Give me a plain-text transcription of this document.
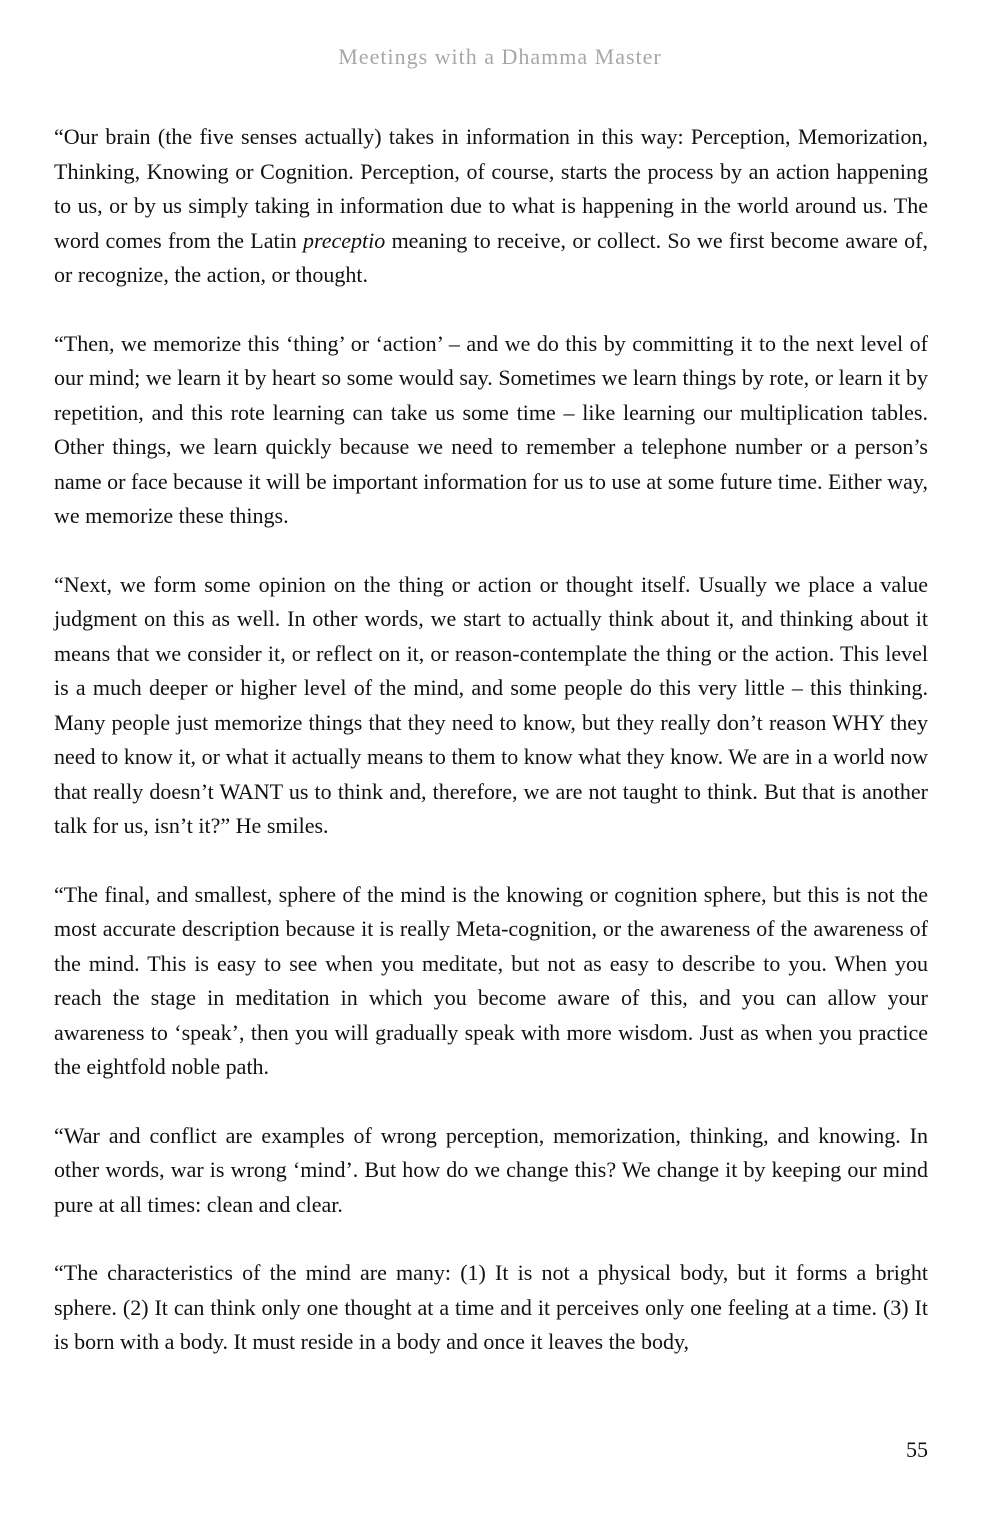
Meetings with a Dhamma Master

“Our brain (the five senses actually) takes in information in this way: Perception, Memorization, Thinking, Knowing or Cognition. Perception, of course, starts the process by an action happening to us, or by us simply taking in information due to what is happening in the world around us. The word comes from the Latin preceptio meaning to receive, or collect. So we first become aware of, or recognize, the action, or thought.

“Then, we memorize this ‘thing’ or ‘action’ – and we do this by committing it to the next level of our mind; we learn it by heart so some would say. Sometimes we learn things by rote, or learn it by repetition, and this rote learning can take us some time – like learning our multiplication tables. Other things, we learn quickly because we need to remember a telephone number or a person’s name or face because it will be important information for us to use at some future time. Either way, we memorize these things.

“Next, we form some opinion on the thing or action or thought itself. Usually we place a value judgment on this as well. In other words, we start to actually think about it, and thinking about it means that we consider it, or reflect on it, or reason-contemplate the thing or the action. This level is a much deeper or higher level of the mind, and some people do this very little – this thinking. Many people just memorize things that they need to know, but they really don’t reason WHY they need to know it, or what it actually means to them to know what they know. We are in a world now that really doesn’t WANT us to think and, therefore, we are not taught to think. But that is another talk for us, isn’t it?” He smiles.

“The final, and smallest, sphere of the mind is the knowing or cognition sphere, but this is not the most accurate description because it is really Meta-cognition, or the awareness of the awareness of the mind. This is easy to see when you meditate, but not as easy to describe to you. When you reach the stage in meditation in which you become aware of this, and you can allow your awareness to ‘speak’, then you will gradually speak with more wisdom. Just as when you practice the eightfold noble path.

“War and conflict are examples of wrong perception, memorization, thinking, and knowing. In other words, war is wrong ‘mind’. But how do we change this? We change it by keeping our mind pure at all times: clean and clear.

“The characteristics of the mind are many: (1) It is not a physical body, but it forms a bright sphere. (2) It can think only one thought at a time and it perceives only one feeling at a time. (3) It is born with a body. It must reside in a body and once it leaves the body,

55
